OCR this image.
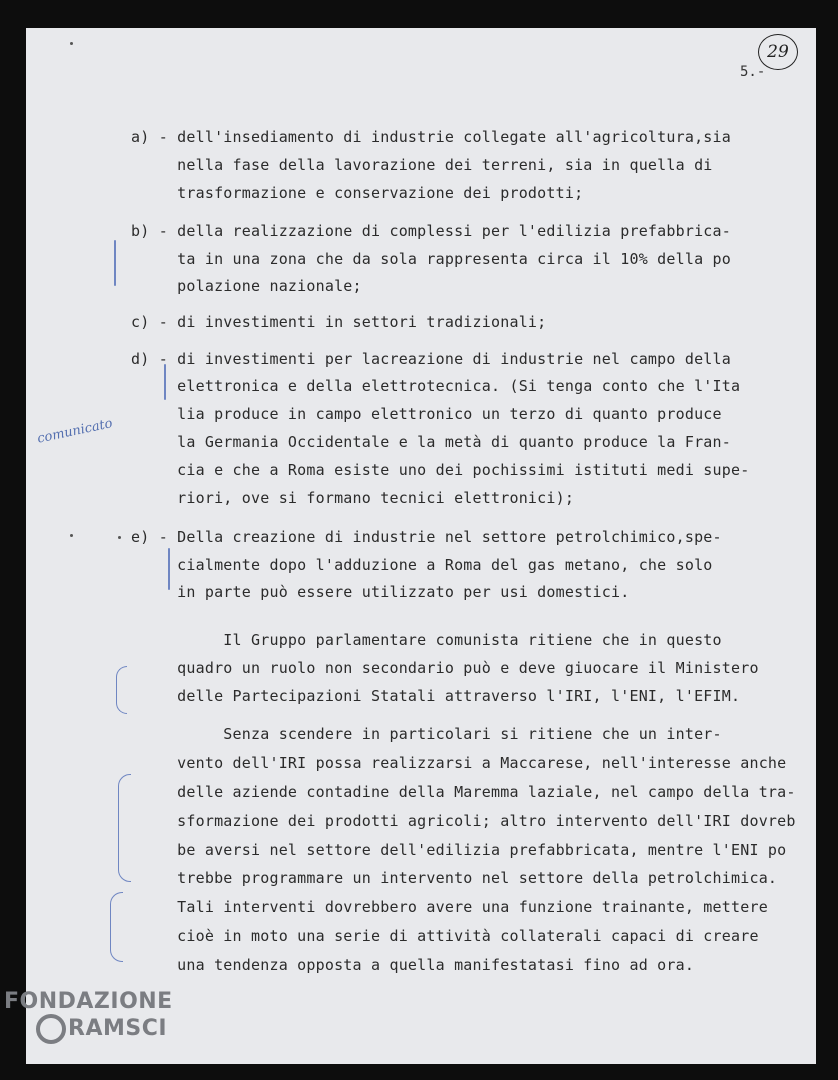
29
5.-
comunicato
a) - dell'insediamento di industrie collegate all'agricoltura,sia
nella fase della lavorazione dei terreni, sia in quella di
trasformazione e conservazione dei prodotti;
b) - della realizzazione di complessi per l'edilizia prefabbrica-
ta in una zona che da sola rappresenta circa il 10% della po
polazione nazionale;
c) - di investimenti in settori tradizionali;
d) - di investimenti per lacreazione di industrie nel campo della
elettronica e della elettrotecnica. (Si tenga conto che l'Ita
lia produce in campo elettronico un terzo di quanto produce
la Germania Occidentale e la metà di quanto produce la Fran-
cia e che a Roma esiste uno dei pochissimi istituti medi supe-
riori, ove si formano tecnici elettronici);
e) - Della creazione di industrie nel settore petrolchimico,spe-
cialmente dopo l'adduzione a Roma del gas metano, che solo
in parte può essere utilizzato per usi domestici.
Il Gruppo parlamentare comunista ritiene che in questo
quadro un ruolo non secondario può e deve giuocare il Ministero
delle Partecipazioni Statali attraverso l'IRI, l'ENI, l'EFIM.
Senza scendere in particolari si ritiene che un inter-
vento dell'IRI possa realizzarsi a Maccarese, nell'interesse anche
delle aziende contadine della Maremma laziale, nel campo della tra-
sformazione dei prodotti agricoli; altro intervento dell'IRI dovreb
be aversi nel settore dell'edilizia prefabbricata, mentre l'ENI po
trebbe programmare un intervento nel settore della petrolchimica.
Tali interventi dovrebbero avere una funzione trainante, mettere
cioè in moto una serie di attività collaterali capaci di creare
una tendenza opposta a quella manifestatasi fino ad ora.
FONDAZIONE
RAMSCI
